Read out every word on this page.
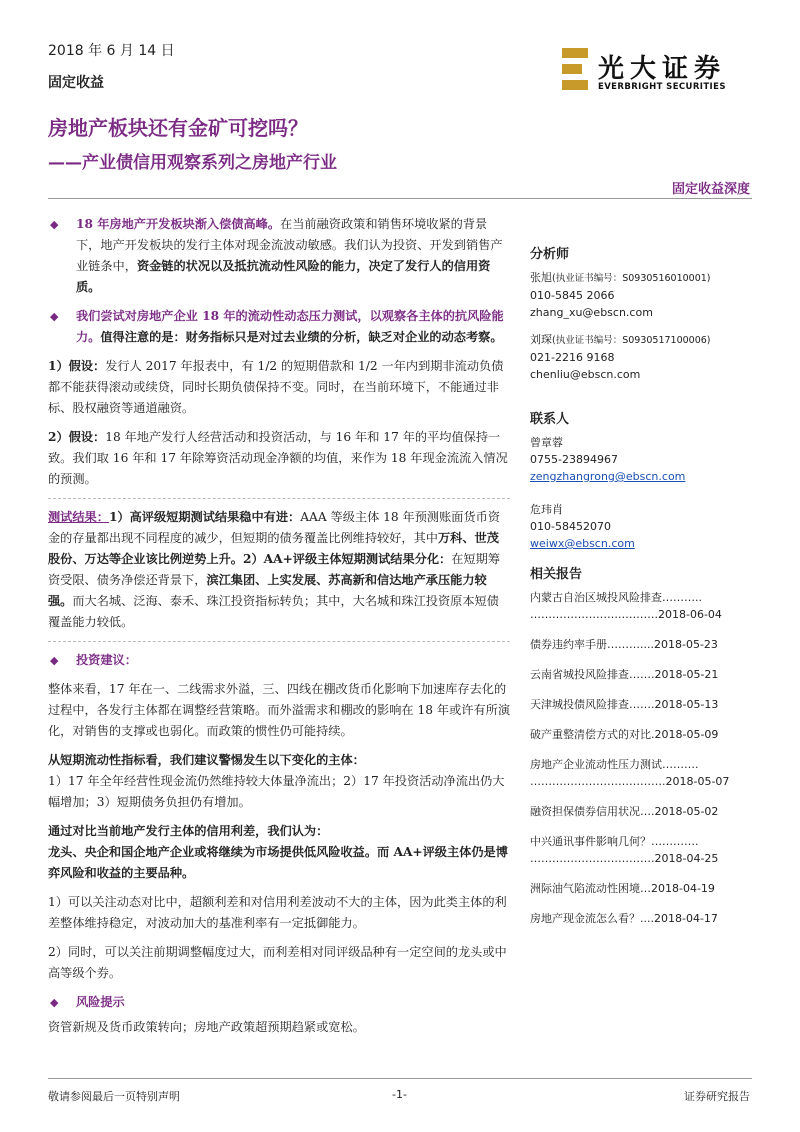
2018 年 6 月 14 日
固定收益
房地产板块还有金矿可挖吗？
——产业债信用观察系列之房地产行业
固定收益深度
光大证券
EVERBRIGHT SECURITIES

◆ 18 年房地产开发板块渐入偿债高峰。在当前融资政策和销售环境收紧的背景下，地产开发板块的发行主体对现金流波动敏感。我们认为投资、开发到销售产业链条中，资金链的状况以及抵抗流动性风险的能力，决定了发行人的信用资质。

◆ 我们尝试对房地产企业 18 年的流动性动态压力测试，以观察各主体的抗风险能力。值得注意的是：财务指标只是对过去业绩的分析，缺乏对企业的动态考察。

1）假设：发行人 2017 年报表中，有 1/2 的短期借款和 1/2 一年内到期非流动负债都不能获得滚动或续贷，同时长期负债保持不变。同时，在当前环境下，不能通过非标、股权融资等通道融资。

2）假设：18 年地产发行人经营活动和投资活动，与 16 年和 17 年的平均值保持一致。我们取 16 年和 17 年除筹资活动现金净额的均值，来作为 18 年现金流流入情况的预测。

测试结果：1）高评级短期测试结果稳中有进：AAA 等级主体 18 年预测账面货币资金的存量都出现不同程度的减少，但短期的债务覆盖比例维持较好，其中万科、世茂股份、万达等企业该比例逆势上升。2）AA+评级主体短期测试结果分化：在短期筹资受限、债务净偿还背景下，滨江集团、上实发展、苏高新和信达地产承压能力较强。而大名城、泛海、泰禾、珠江投资指标转负；其中，大名城和珠江投资原本短债覆盖能力较低。

◆ 投资建议：

整体来看，17 年在一、二线需求外溢，三、四线在棚改货币化影响下加速库存去化的过程中，各发行主体都在调整经营策略。而外溢需求和棚改的影响在 18 年或许有所演化，对销售的支撑或也弱化。而政策的惯性仍可能持续。

从短期流动性指标看，我们建议警惕发生以下变化的主体：
1）17 年全年经营性现金流仍然维持较大体量净流出；2）17 年投资活动净流出仍大幅增加；3）短期债务负担仍有增加。

通过对比当前地产发行主体的信用利差，我们认为：
龙头、央企和国企地产企业或将继续为市场提供低风险收益。而 AA+评级主体仍是博弈风险和收益的主要品种。

1）可以关注动态对比中，超额利差和对信用利差波动不大的主体，因为此类主体的利差整体维持稳定，对波动加大的基准利率有一定抵御能力。

2）同时，可以关注前期调整幅度过大，而利差相对同评级品种有一定空间的龙头或中高等级个券。

◆ 风险提示

资管新规及货币政策转向；房地产政策超预期趋紧或宽松。

分析师
张旭(执业证书编号：S0930516010001)
010-5845 2066
zhang_xu@ebscn.com
刘琛(执业证书编号：S0930517100006)
021-2216 9168
chenliu@ebscn.com
联系人
曾章蓉
0755-23894967
zengzhangrong@ebscn.com
危玮肖
010-58452070
weiwx@ebscn.com
相关报告
内蒙古自治区城投风险排查………..
…………………….……….2018-06-04
债券违约率手册………....2018-05-23
云南省城投风险排查…….2018-05-21
天津城投债风险排查…….2018-05-13
破产重整清偿方式的对比.2018-05-09
房地产企业流动性压力测试……….
……………………………….2018-05-07
融资担保债券信用状况….2018-05-02
中兴通讯事件影响几何？………….
…………………………….2018-04-25
洲际油气陷流动性困境…2018-04-19
房地产现金流怎么看？....2018-04-17
敬请参阅最后一页特别声明	-1-	证券研究报告
